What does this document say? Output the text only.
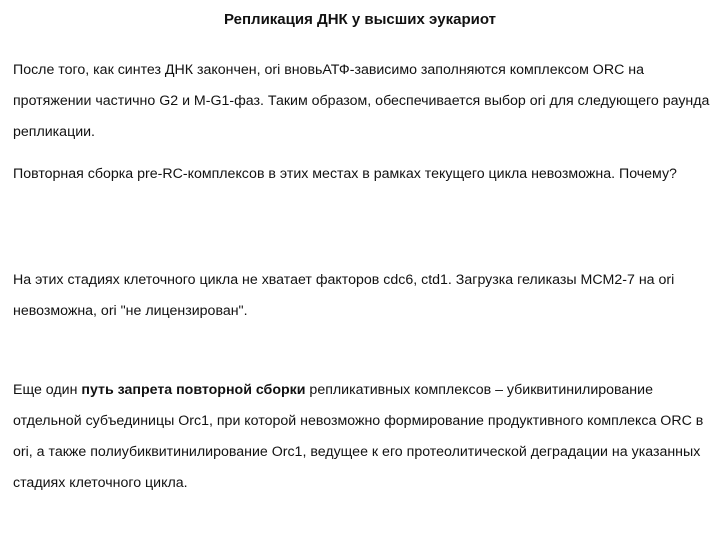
Репликация ДНК у высших эукариот

После того, как синтез ДНК закончен, ori вновьАТФ-зависимо заполняются комплексом ORC на протяжении частично G2 и M-G1-фаз. Таким образом, обеспечивается выбор ori для следующего раунда репликации.

Повторная сборка pre-RC-комплексов в этих местах в рамках текущего цикла невозможна. Почему?

На этих стадиях клеточного цикла не хватает факторов cdc6, ctd1. Загрузка геликазы MCM2-7 на ori невозможна, ori "не лицензирован".

Еще один путь запрета повторной сборки репликативных комплексов – убиквитинилирование отдельной субъединицы Orc1, при которой невозможно формирование продуктивного комплекса ORC в ori, а также полиубиквитинилирование Orc1, ведущее к его протеолитической деградации на указанных стадиях клеточного цикла.
